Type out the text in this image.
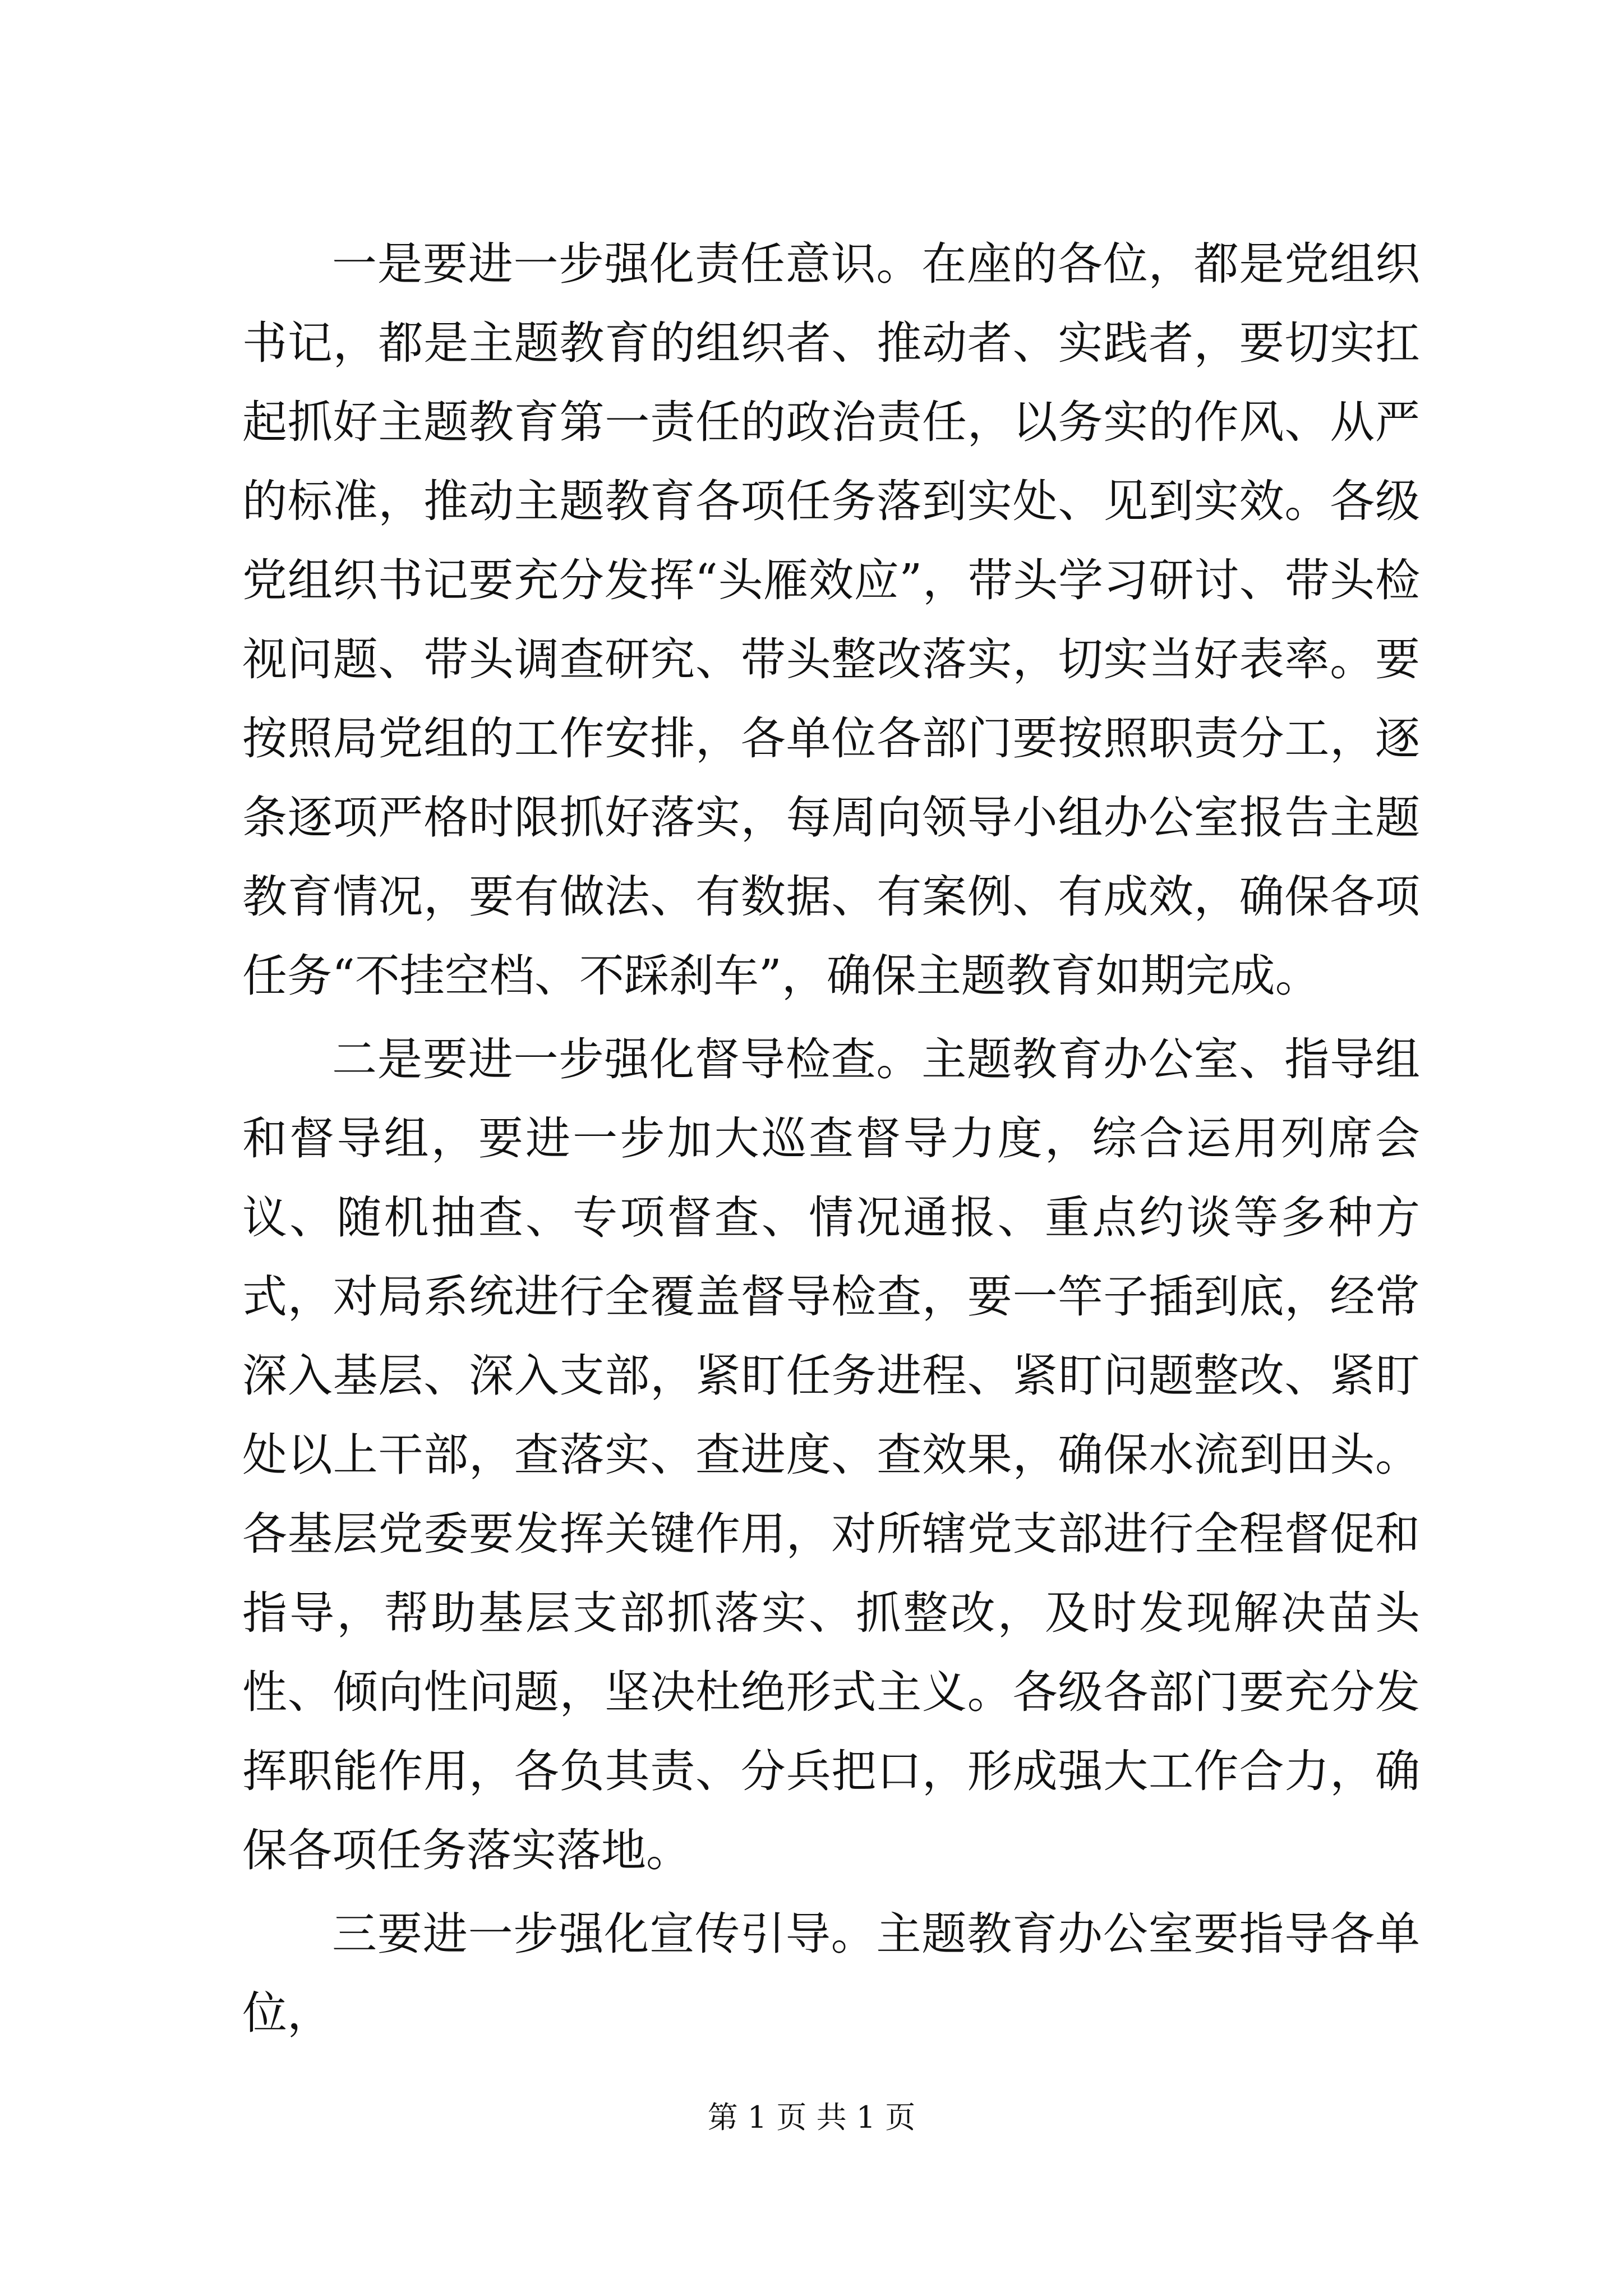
一是要进一步强化责任意识。在座的各位，都是党组织书记，都是主题教育的组织者、推动者、实践者，要切实扛起抓好主题教育第一责任的政治责任，以务实的作风、从严的标准，推动主题教育各项任务落到实处、见到实效。各级党组织书记要充分发挥“头雁效应”，带头学习研讨、带头检视问题、带头调查研究、带头整改落实，切实当好表率。要按照局党组的工作安排，各单位各部门要按照职责分工，逐条逐项严格时限抓好落实，每周向领导小组办公室报告主题教育情况，要有做法、有数据、有案例、有成效，确保各项任务“不挂空档、不踩刹车”，确保主题教育如期完成。

二是要进一步强化督导检查。主题教育办公室、指导组和督导组，要进一步加大巡查督导力度，综合运用列席会议、随机抽查、专项督查、情况通报、重点约谈等多种方式，对局系统进行全覆盖督导检查，要一竿子插到底，经常深入基层、深入支部，紧盯任务进程、紧盯问题整改、紧盯处以上干部，查落实、查进度、查效果，确保水流到田头。各基层党委要发挥关键作用，对所辖党支部进行全程督促和指导，帮助基层支部抓落实、抓整改，及时发现解决苗头性、倾向性问题，坚决杜绝形式主义。各级各部门要充分发挥职能作用，各负其责、分兵把口，形成强大工作合力，确保各项任务落实落地。

三要进一步强化宣传引导。主题教育办公室要指导各单位，

第 1 页 共 1 页
